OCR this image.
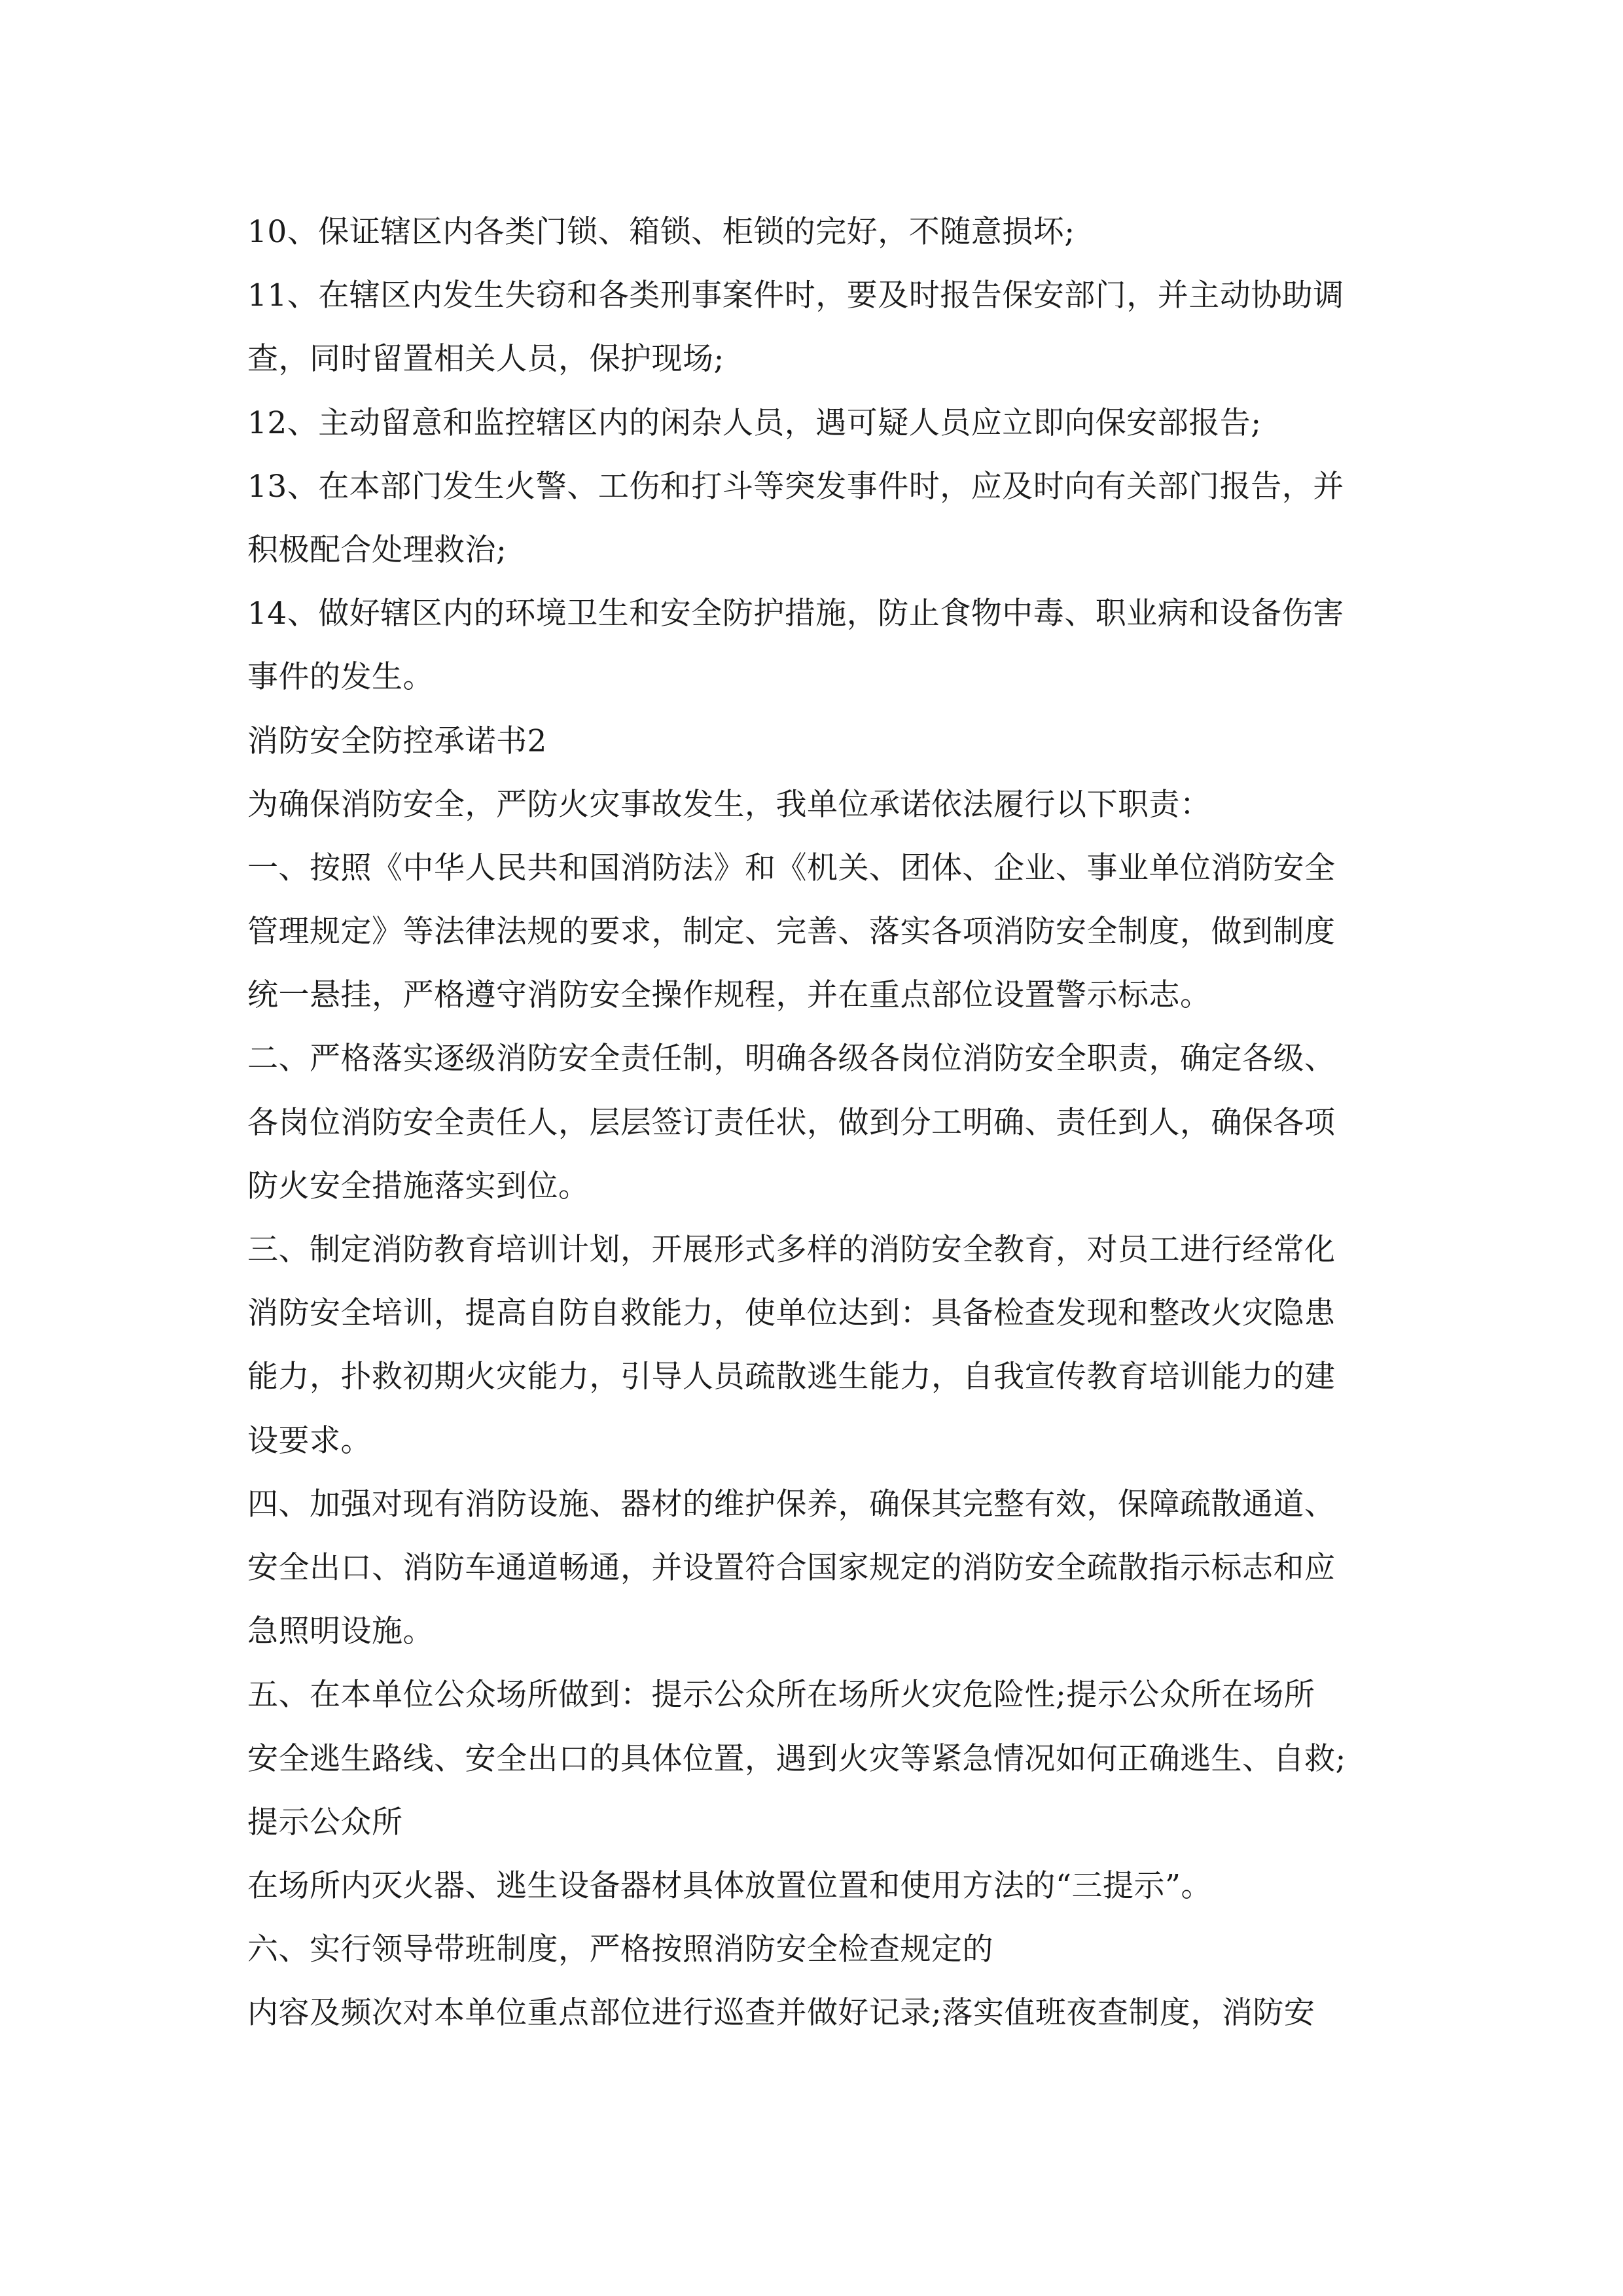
10、保证辖区内各类门锁、箱锁、柜锁的完好，不随意损坏;
11、在辖区内发生失窃和各类刑事案件时，要及时报告保安部门，并主动协助调
查，同时留置相关人员，保护现场;
12、主动留意和监控辖区内的闲杂人员，遇可疑人员应立即向保安部报告;
13、在本部门发生火警、工伤和打斗等突发事件时，应及时向有关部门报告，并
积极配合处理救治;
14、做好辖区内的环境卫生和安全防护措施，防止食物中毒、职业病和设备伤害
事件的发生。
消防安全防控承诺书2
为确保消防安全，严防火灾事故发生，我单位承诺依法履行以下职责：
一、按照《中华人民共和国消防法》和《机关、团体、企业、事业单位消防安全
管理规定》等法律法规的要求，制定、完善、落实各项消防安全制度，做到制度
统一悬挂，严格遵守消防安全操作规程，并在重点部位设置警示标志。
二、严格落实逐级消防安全责任制，明确各级各岗位消防安全职责，确定各级、
各岗位消防安全责任人，层层签订责任状，做到分工明确、责任到人，确保各项
防火安全措施落实到位。
三、制定消防教育培训计划，开展形式多样的消防安全教育，对员工进行经常化
消防安全培训，提高自防自救能力，使单位达到：具备检查发现和整改火灾隐患
能力，扑救初期火灾能力，引导人员疏散逃生能力，自我宣传教育培训能力的建
设要求。
四、加强对现有消防设施、器材的维护保养，确保其完整有效，保障疏散通道、
安全出口、消防车通道畅通，并设置符合国家规定的消防安全疏散指示标志和应
急照明设施。
五、在本单位公众场所做到：提示公众所在场所火灾危险性;提示公众所在场所
安全逃生路线、安全出口的具体位置，遇到火灾等紧急情况如何正确逃生、自救;
提示公众所
在场所内灭火器、逃生设备器材具体放置位置和使用方法的“三提示”。
六、实行领导带班制度，严格按照消防安全检查规定的
内容及频次对本单位重点部位进行巡查并做好记录;落实值班夜查制度，消防安
